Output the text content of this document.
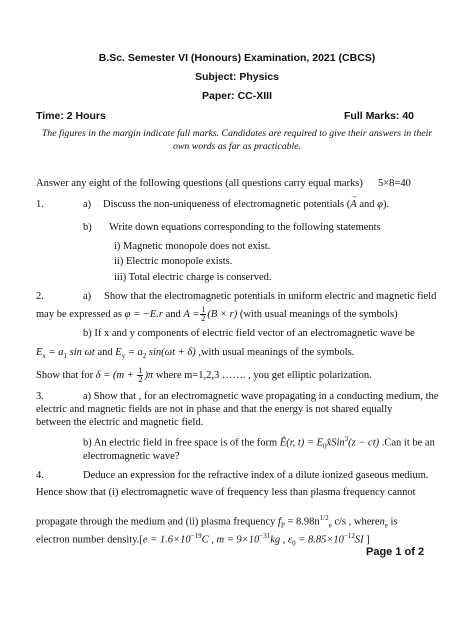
B.Sc. Semester VI (Honours) Examination, 2021 (CBCS)
Subject: Physics
Paper: CC-XIII
Time: 2 Hours	Full Marks: 40
The figures in the margin indicate full marks. Candidates are required to give their answers in their own words as far as practicable.
Answer any eight of the following questions (all questions carry equal marks) 5×8=40
1.	a) Discuss the non-uniqueness of electromagnetic potentials (→ A and φ).
b) Write down equations corresponding to the following statements
i) Magnetic monopole does not exist.
ii) Electric monopole exists.
iii) Total electric charge is conserved.
2.	a) Show that the electromagnetic potentials in uniform electric and magnetic field
may be expressed as φ = −E.r and $A = \frac{1}{2} (B \times r)$ (with usual meanings of the symbols)
b) If x and y components of electric field vector of an electromagnetic wave be
$E_x = a_1$ sin ωt and $E_y = a_2$ sin(ωt + δ) ,with usual meanings of the symbols.
Show that for $\delta = (m + \frac{1}{2} )\pi$ where m=1,2,3 ……. , you get elliptic polarization.
3.	a) Show that , for an electromagnetic wave propagating in a conducting medium, the
electric and magnetic fields are not in phase and that the energy is not shared equally
between the electric and magnetic field.
b) An electric field in free space is of the form Ê(r, $t) = E_0x̂Sin^3(z - ct)$ .Can it be an
electromagnetic wave?
4.	Deduce an expression for the refractive index of a dilute ionized gaseous medium.
Hence show that (i) electromagnetic wave of frequency less than plasma frequency cannot
propagate through the medium and (ii) plasma frequency $f_P = 8.98n^{1/2}_e$ c/s , wheren$_e$ is
electron number density.[e = $1.6\times 10^{-19}C$ , $m = 9\times 10^{-31}kg$ , $\varepsilon_0 = 8.85\times 10^{-12}SI$ ]
Page 1 of 2
